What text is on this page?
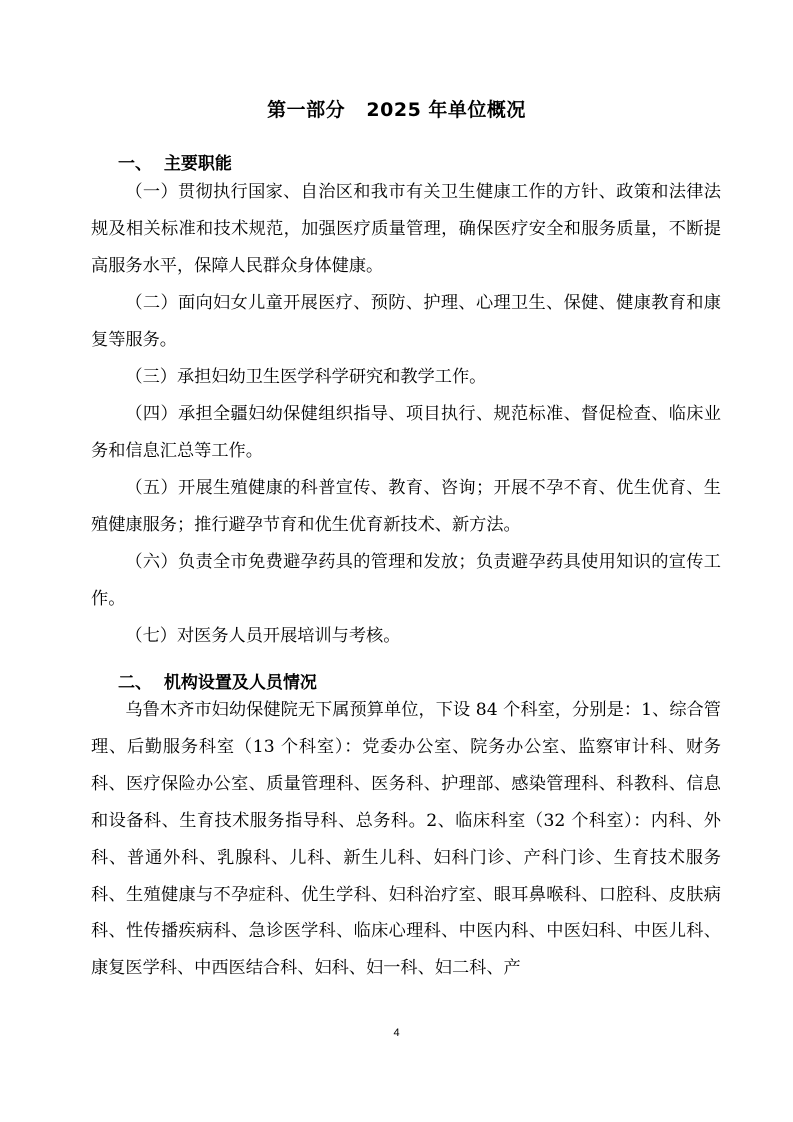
第一部分   2025 年单位概况
一、  主要职能

（一）贯彻执行国家、自治区和我市有关卫生健康工作的方针、政策和法律法规及相关标准和技术规范，加强医疗质量管理，确保医疗安全和服务质量，不断提高服务水平，保障人民群众身体健康。

（二）面向妇女儿童开展医疗、预防、护理、心理卫生、保健、健康教育和康复等服务。

（三）承担妇幼卫生医学科学研究和教学工作。

（四）承担全疆妇幼保健组织指导、项目执行、规范标准、督促检查、临床业务和信息汇总等工作。

（五）开展生殖健康的科普宣传、教育、咨询；开展不孕不育、优生优育、生殖健康服务；推行避孕节育和优生优育新技术、新方法。

（六）负责全市免费避孕药具的管理和发放；负责避孕药具使用知识的宣传工作。

（七）对医务人员开展培训与考核。

二、  机构设置及人员情况

乌鲁木齐市妇幼保健院无下属预算单位，下设 84 个科室，分别是：1、综合管理、后勤服务科室（13 个科室）：党委办公室、院务办公室、监察审计科、财务科、医疗保险办公室、质量管理科、医务科、护理部、感染管理科、科教科、信息和设备科、生育技术服务指导科、总务科。2、临床科室（32 个科室）：内科、外科、普通外科、乳腺科、儿科、新生儿科、妇科门诊、产科门诊、生育技术服务科、生殖健康与不孕症科、优生学科、妇科治疗室、眼耳鼻喉科、口腔科、皮肤病科、性传播疾病科、急诊医学科、临床心理科、中医内科、中医妇科、中医儿科、康复医学科、中西医结合科、妇科、妇一科、妇二科、产

4
